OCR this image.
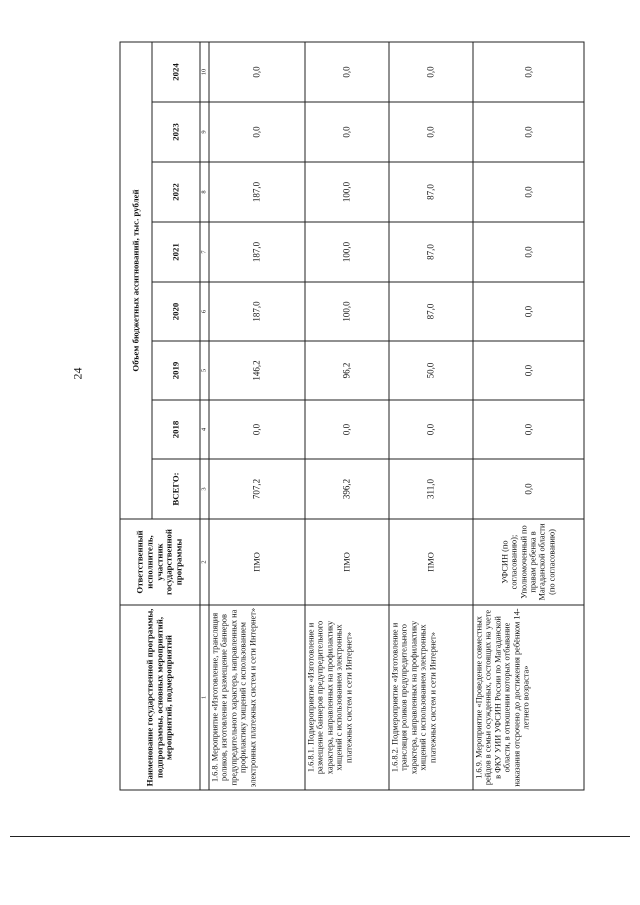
24
Наименование государственной программы, подпрограммы, основных мероприятий, мероприятий, подмероприятий	Ответственный исполнитель, участник государственной программы	Объем бюджетных ассигнований, тыс. рублей							
		ВСЕГО:	2018	2019	2020	2021	2022	2023	2024
1	2	3	4	5	6	7	8	9	10
1.6.8. Мероприятие «Изготовление, трансляция роликов, изготовление и размещение баннеров предупредительного характера, направленных на профилактику хищений с использованием электронных платежных систем и сети Интернет»	ПМО	707,2	0,0	146,2	187,0	187,0	187,0	0,0	0,0
1.6.8.1. Подмероприятие «Изготовление и размещение баннеров предупредительного характера, направленных на профилактику хищений с использованием электронных платежных систем и сети Интернет»	ПМО	396,2	0,0	96,2	100,0	100,0	100,0	0,0	0,0
1.6.8.2. Подмероприятие «Изготовление и трансляция роликов предупредительного характера, направленных на профилактику хищений с использованием электронных платежных систем и сети Интернет»	ПМО	311,0	0,0	50,0	87,0	87,0	87,0	0,0	0,0
1.6.9. Мероприятие «Проведение совместных рейдов в семьи осужденных, состоящих на учете в ФКУ УИИ УФСИН России по Магаданской области, в отношении которых отбывание наказания отсрочено до достижения ребёнком 14-летнего возраста»	УФСИН (по согласованию); Уполномоченный по правам ребенка в Магаданской области (по согласованию)	0,0	0,0	0,0	0,0	0,0	0,0	0,0	0,0
